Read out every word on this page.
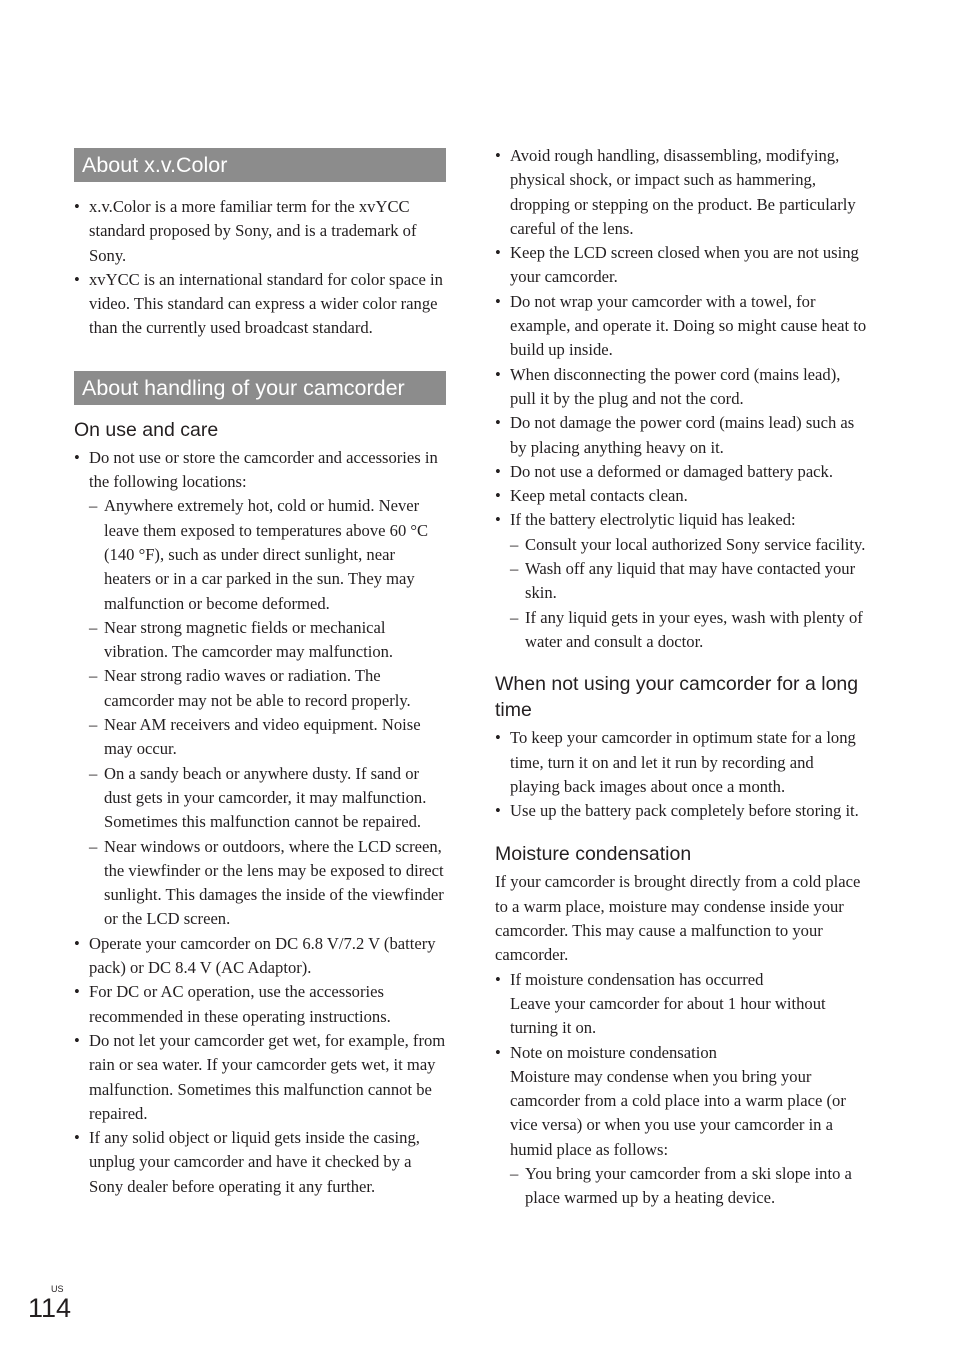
About x.v.Color
• x.v.Color is a more familiar term for the xvYCC standard proposed by Sony, and is a trademark of Sony.
• xvYCC is an international standard for color space in video. This standard can express a wider color range than the currently used broadcast standard.
About handling of your camcorder
On use and care
• Do not use or store the camcorder and accessories in the following locations:
– Anywhere extremely hot, cold or humid. Never leave them exposed to temperatures above 60 °C (140 °F), such as under direct sunlight, near heaters or in a car parked in the sun. They may malfunction or become deformed.
– Near strong magnetic fields or mechanical vibration. The camcorder may malfunction.
– Near strong radio waves or radiation. The camcorder may not be able to record properly.
– Near AM receivers and video equipment. Noise may occur.
– On a sandy beach or anywhere dusty. If sand or dust gets in your camcorder, it may malfunction. Sometimes this malfunction cannot be repaired.
– Near windows or outdoors, where the LCD screen, the viewfinder or the lens may be exposed to direct sunlight. This damages the inside of the viewfinder or the LCD screen.
• Operate your camcorder on DC 6.8 V/7.2 V (battery pack) or DC 8.4 V (AC Adaptor).
• For DC or AC operation, use the accessories recommended in these operating instructions.
• Do not let your camcorder get wet, for example, from rain or sea water. If your camcorder gets wet, it may malfunction. Sometimes this malfunction cannot be repaired.
• If any solid object or liquid gets inside the casing, unplug your camcorder and have it checked by a Sony dealer before operating it any further.
• Avoid rough handling, disassembling, modifying, physical shock, or impact such as hammering, dropping or stepping on the product. Be particularly careful of the lens.
• Keep the LCD screen closed when you are not using your camcorder.
• Do not wrap your camcorder with a towel, for example, and operate it. Doing so might cause heat to build up inside.
• When disconnecting the power cord (mains lead), pull it by the plug and not the cord.
• Do not damage the power cord (mains lead) such as by placing anything heavy on it.
• Do not use a deformed or damaged battery pack.
• Keep metal contacts clean.
• If the battery electrolytic liquid has leaked:
– Consult your local authorized Sony service facility.
– Wash off any liquid that may have contacted your skin.
– If any liquid gets in your eyes, wash with plenty of water and consult a doctor.
When not using your camcorder for a long time
• To keep your camcorder in optimum state for a long time, turn it on and let it run by recording and playing back images about once a month.
• Use up the battery pack completely before storing it.
Moisture condensation

If your camcorder is brought directly from a cold place to a warm place, moisture may condense inside your camcorder. This may cause a malfunction to your camcorder.

• If moisture condensation has occurred
Leave your camcorder for about 1 hour without turning it on.
• Note on moisture condensation
Moisture may condense when you bring your camcorder from a cold place into a warm place (or vice versa) or when you use your camcorder in a humid place as follows:
– You bring your camcorder from a ski slope into a place warmed up by a heating device.
US
114
